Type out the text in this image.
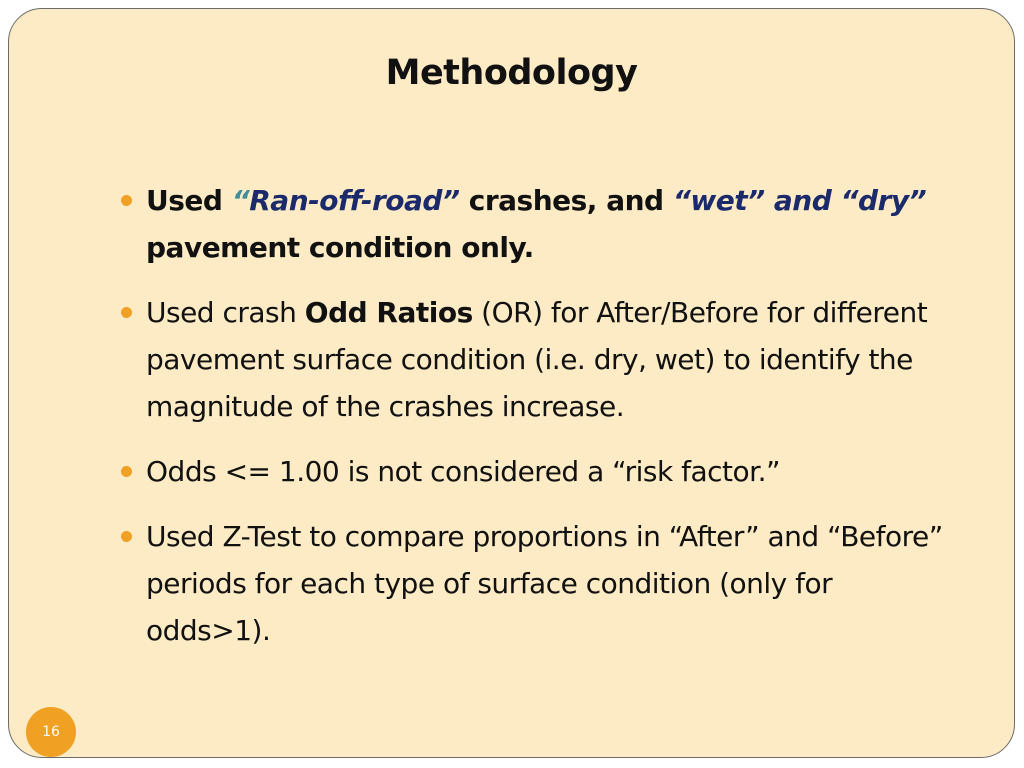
Methodology
Used “Ran-off-road” crashes, and “wet” and “dry” pavement condition only.
Used crash Odd Ratios (OR) for After/Before for different pavement surface condition (i.e. dry, wet) to identify the magnitude of the crashes increase.
Odds <= 1.00 is not considered a “risk factor.”
Used Z-Test to compare proportions in “After” and “Before” periods for each type of surface condition (only for odds>1).
16
